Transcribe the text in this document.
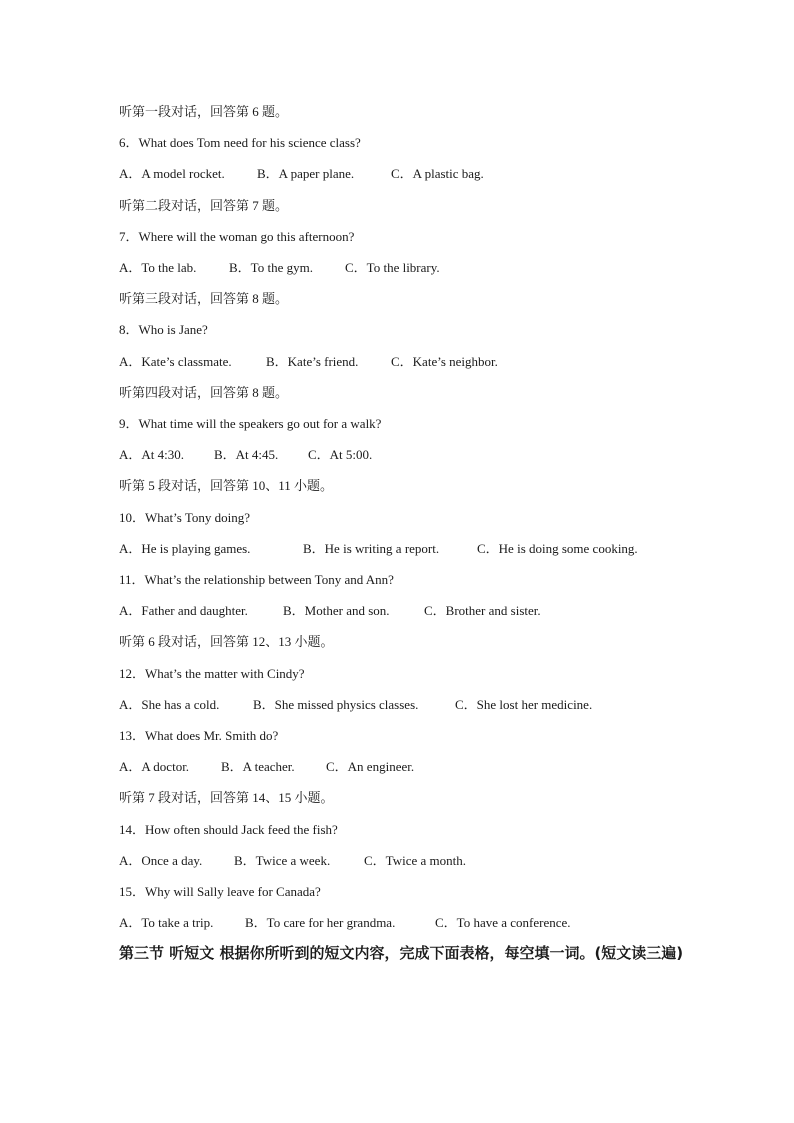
听第一段对话，回答第 6 题。
6．What does Tom need for his science class?
A．A model rocket. B．A paper plane.	C．A plastic bag.
听第二段对话，回答第 7 题。
7．Where will the woman go this afternoon?
A．To the lab.	B．To the gym. C．To the library.
听第三段对话，回答第 8 题。
8．Who is Jane?
A．Kate’s classmate.	B．Kate’s friend.	C．Kate’s neighbor.
听第四段对话，回答第 8 题。
9．What time will the speakers go out for a walk?
A．At 4:30. B．At 4:45. C．At 5:00.
听第 5 段对话，回答第 10、11 小题。
10．What’s Tony doing?
A．He is playing games.	B．He is writing a report.	C．He is doing some cooking.
11．What’s the relationship between Tony and Ann?
A．Father and daughter.	B．Mother and son.	C．Brother and sister.
听第 6 段对话，回答第 12、13 小题。
12．What’s the matter with Cindy?
A．She has a cold.	B．She missed physics classes.	C．She lost her medicine.
13．What does Mr. Smith do?
A．A doctor. B．A teacher. C．An engineer.
听第 7 段对话，回答第 14、15 小题。
14．How often should Jack feed the fish?
A．Once a day. B．Twice a week.	C．Twice a month.
15．Why will Sally leave for Canada?
A．To take a trip. B．To care for her grandma.	C．To have a conference.
第三节 听短文 根据你所听到的短文内容，完成下面表格，每空填一词。(短文读三遍)
